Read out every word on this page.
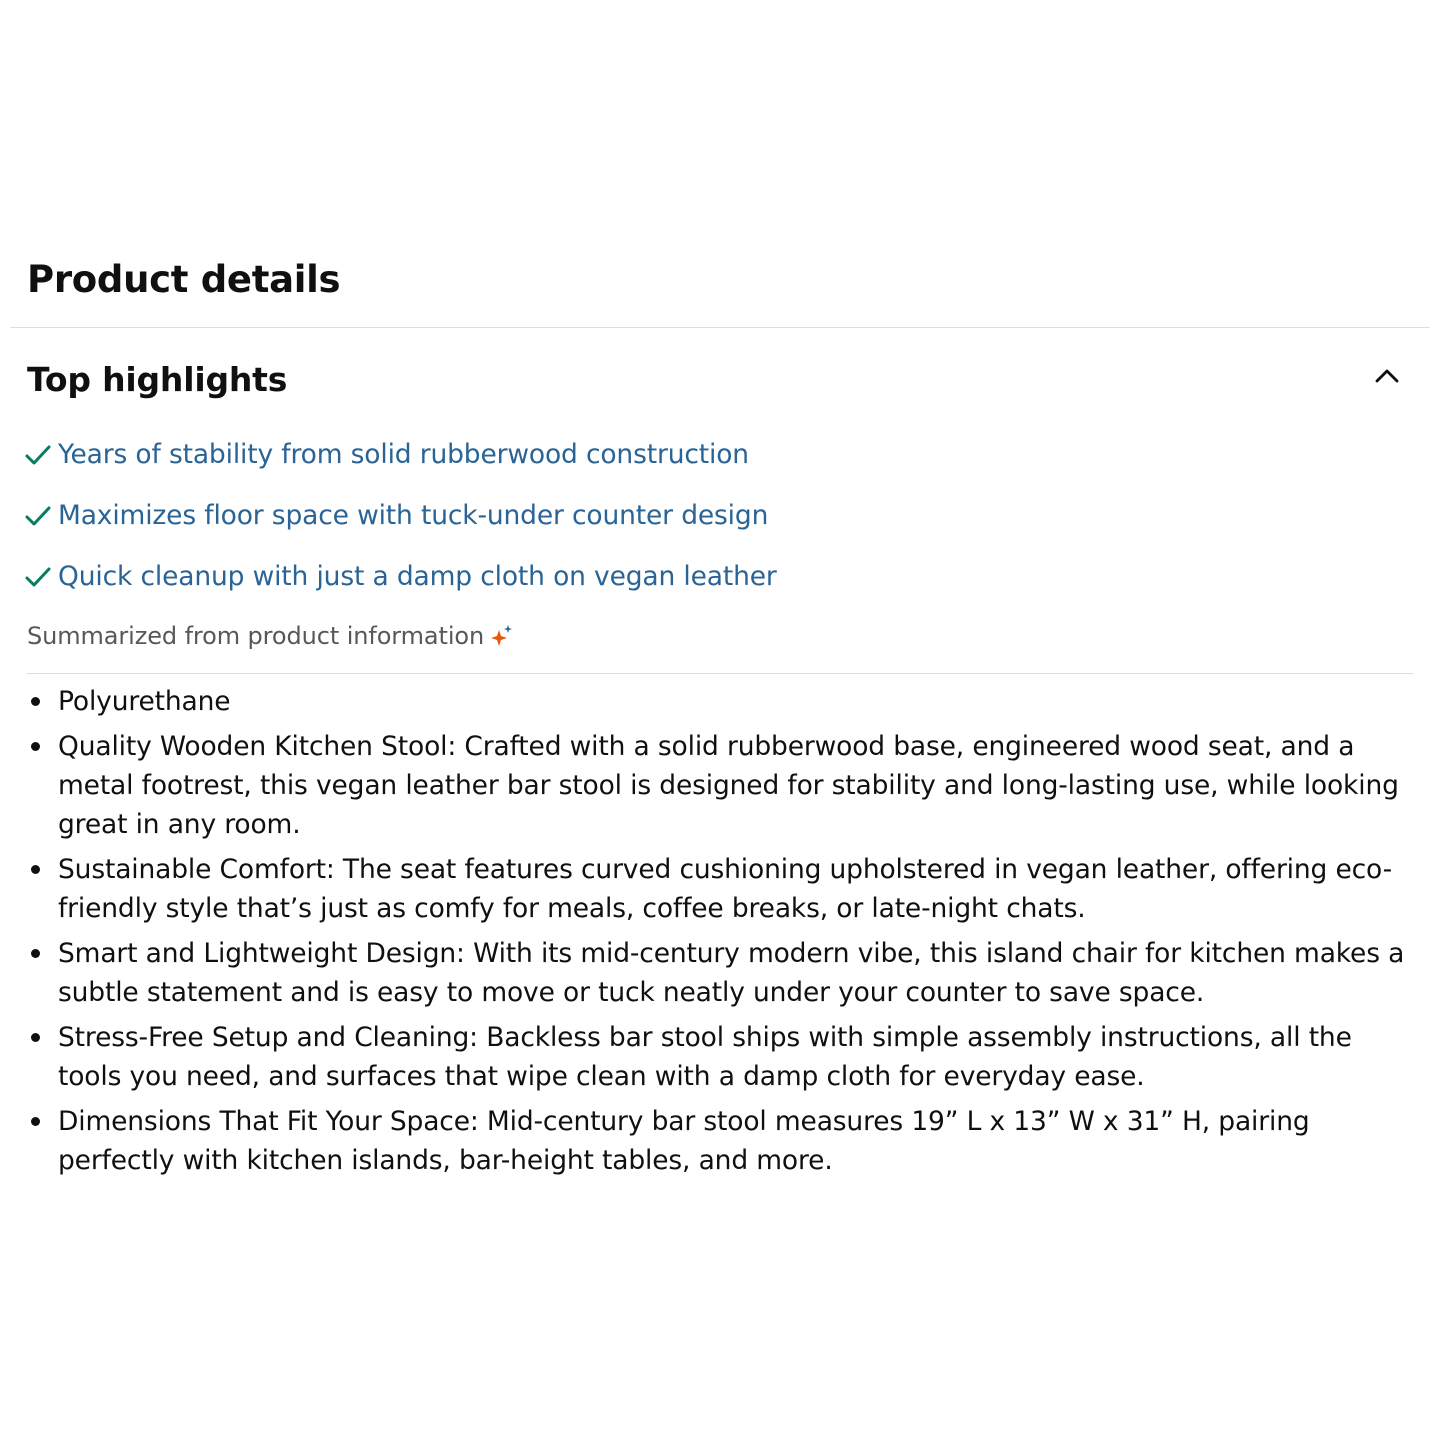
Product details
Top highlights
Years of stability from solid rubberwood construction
Maximizes floor space with tuck-under counter design
Quick cleanup with just a damp cloth on vegan leather
Summarized from product information
Polyurethane
Quality Wooden Kitchen Stool: Crafted with a solid rubberwood base, engineered wood seat, and a metal footrest, this vegan leather bar stool is designed for stability and long-lasting use, while looking great in any room.
Sustainable Comfort: The seat features curved cushioning upholstered in vegan leather, offering eco-friendly style that’s just as comfy for meals, coffee breaks, or late-night chats.
Smart and Lightweight Design: With its mid-century modern vibe, this island chair for kitchen makes a subtle statement and is easy to move or tuck neatly under your counter to save space.
Stress-Free Setup and Cleaning: Backless bar stool ships with simple assembly instructions, all the tools you need, and surfaces that wipe clean with a damp cloth for everyday ease.
Dimensions That Fit Your Space: Mid-century bar stool measures 19” L x 13” W x 31” H, pairing perfectly with kitchen islands, bar-height tables, and more.
